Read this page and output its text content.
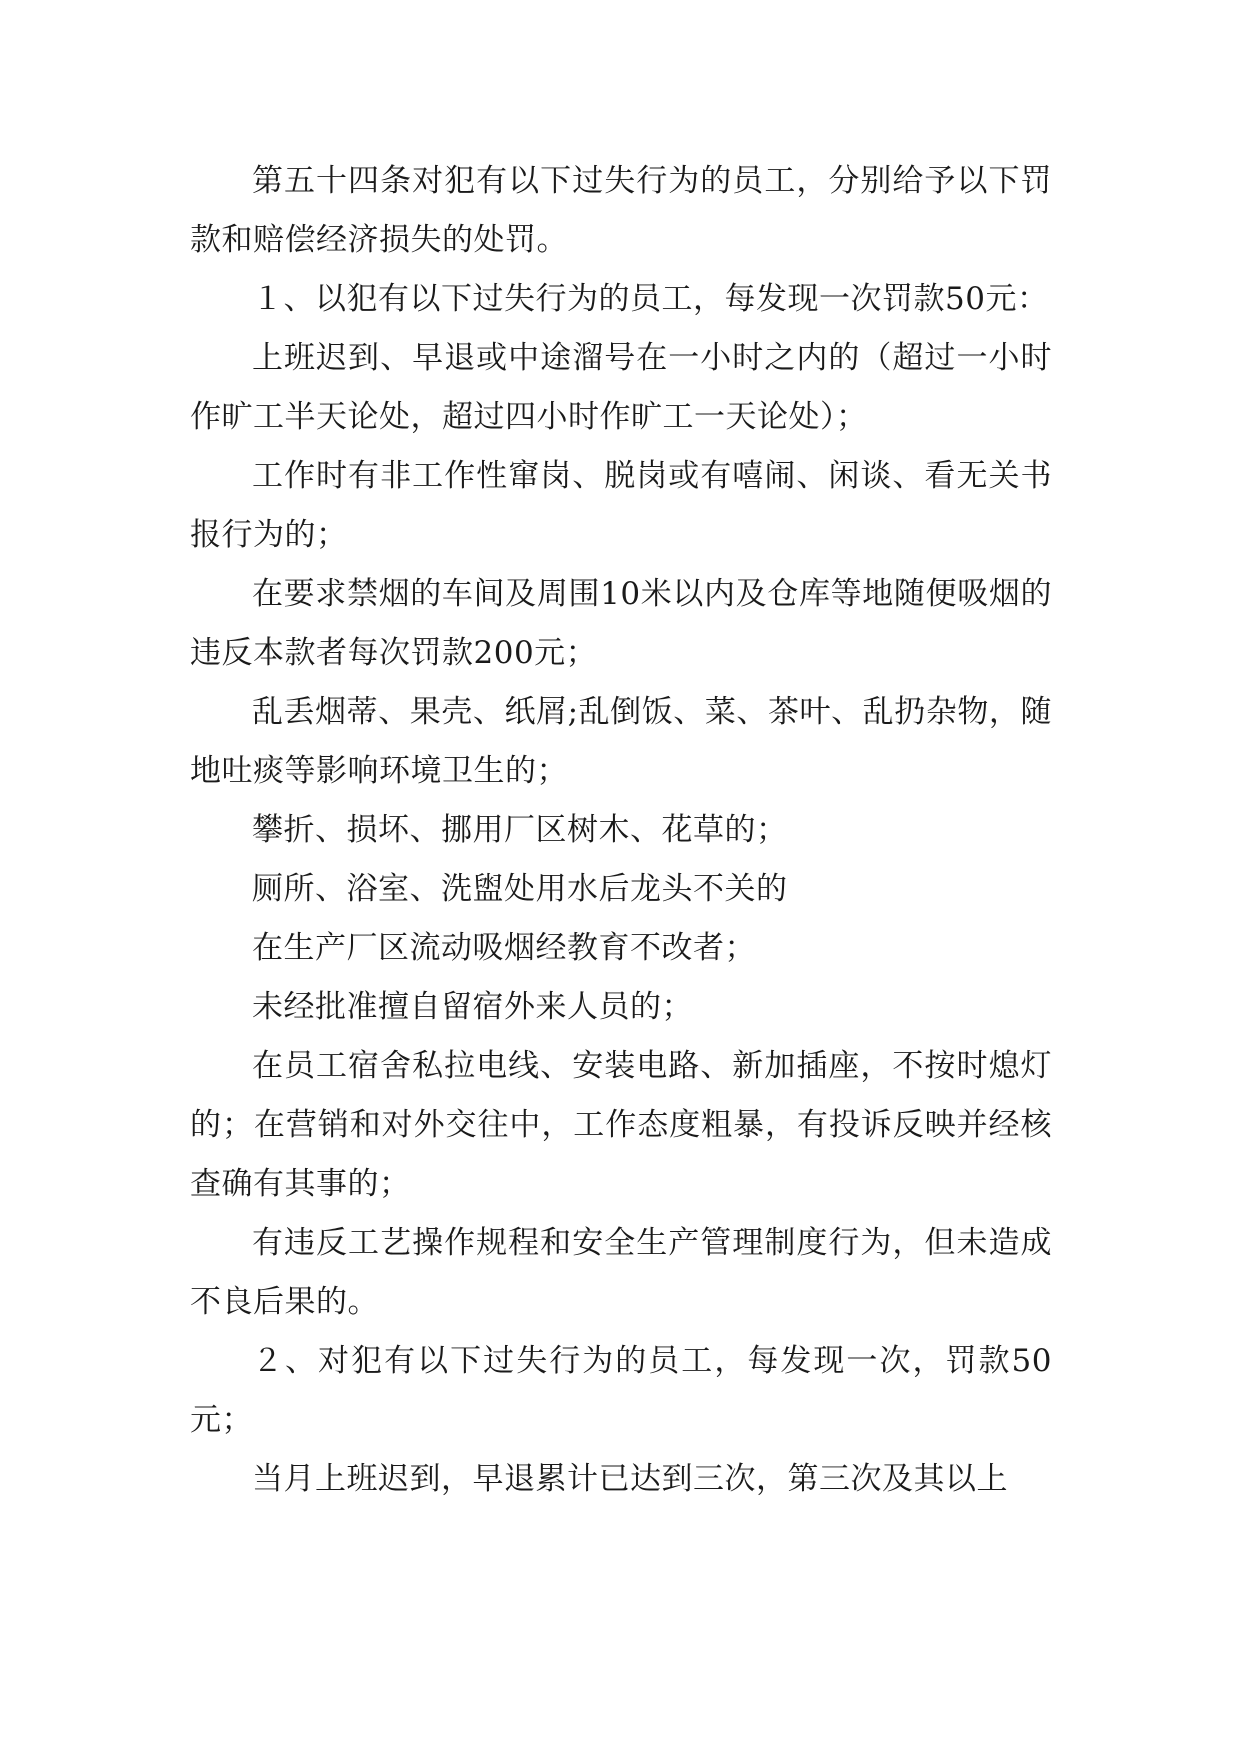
第五十四条对犯有以下过失行为的员工，分别给予以下罚款和赔偿经济损失的处罚。

１、以犯有以下过失行为的员工，每发现一次罚款50元：

上班迟到、早退或中途溜号在一小时之内的（超过一小时作旷工半天论处，超过四小时作旷工一天论处）；

工作时有非工作性窜岗、脱岗或有嘻闹、闲谈、看无关书报行为的；

在要求禁烟的车间及周围10米以内及仓库等地随便吸烟的违反本款者每次罚款200元；

乱丢烟蒂、果壳、纸屑;乱倒饭、菜、茶叶、乱扔杂物，随地吐痰等影响环境卫生的；

攀折、损坏、挪用厂区树木、花草的；

厕所、浴室、洗盥处用水后龙头不关的

在生产厂区流动吸烟经教育不改者；

未经批准擅自留宿外来人员的；

在员工宿舍私拉电线、安装电路、新加插座，不按时熄灯的；在营销和对外交往中，工作态度粗暴，有投诉反映并经核查确有其事的；

有违反工艺操作规程和安全生产管理制度行为，但未造成不良后果的。

２、对犯有以下过失行为的员工，每发现一次，罚款50元；

当月上班迟到，早退累计已达到三次，第三次及其以上
